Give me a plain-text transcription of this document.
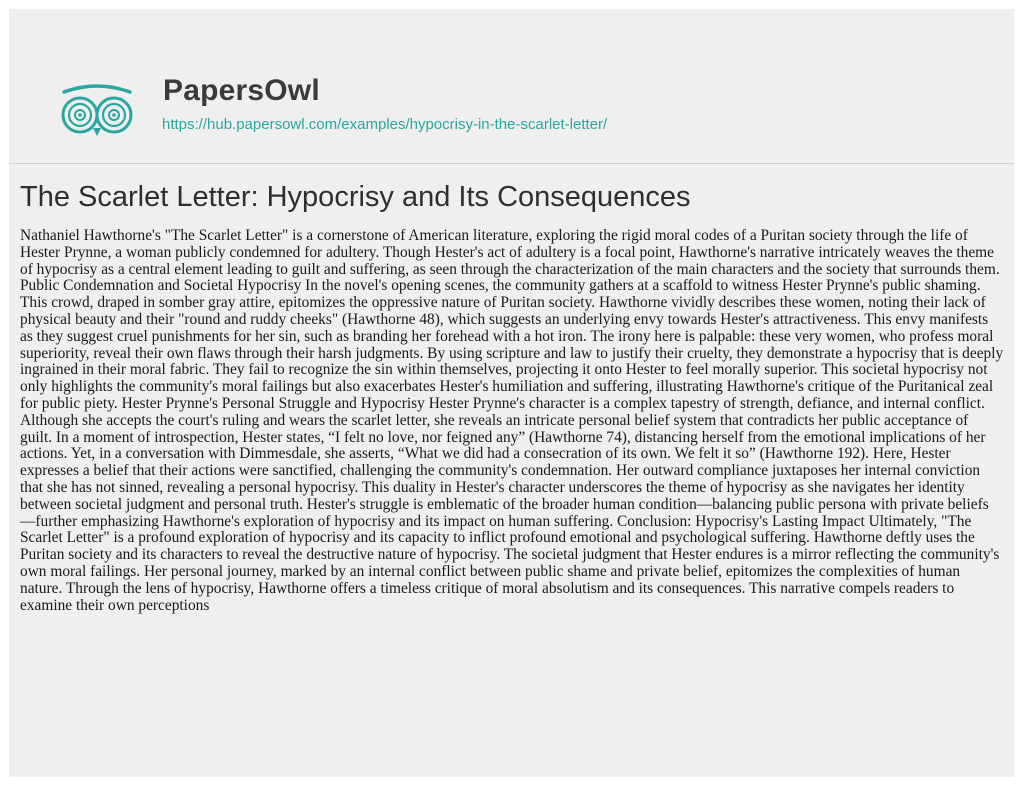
PapersOwl
https://hub.papersowl.com/examples/hypocrisy-in-the-scarlet-letter/
The Scarlet Letter: Hypocrisy and Its Consequences

Nathaniel Hawthorne's "The Scarlet Letter" is a cornerstone of American literature, exploring the rigid moral codes of a Puritan society through the life of Hester Prynne, a woman publicly condemned for adultery. Though Hester's act of adultery is a focal point, Hawthorne's narrative intricately weaves the theme of hypocrisy as a central element leading to guilt and suffering, as seen through the characterization of the main characters and the society that surrounds them. Public Condemnation and Societal Hypocrisy In the novel's opening scenes, the community gathers at a scaffold to witness Hester Prynne's public shaming. This crowd, draped in somber gray attire, epitomizes the oppressive nature of Puritan society. Hawthorne vividly describes these women, noting their lack of physical beauty and their "round and ruddy cheeks" (Hawthorne 48), which suggests an underlying envy towards Hester's attractiveness. This envy manifests as they suggest cruel punishments for her sin, such as branding her forehead with a hot iron. The irony here is palpable: these very women, who profess moral superiority, reveal their own flaws through their harsh judgments. By using scripture and law to justify their cruelty, they demonstrate a hypocrisy that is deeply ingrained in their moral fabric. They fail to recognize the sin within themselves, projecting it onto Hester to feel morally superior. This societal hypocrisy not only highlights the community's moral failings but also exacerbates Hester's humiliation and suffering, illustrating Hawthorne's critique of the Puritanical zeal for public piety. Hester Prynne's Personal Struggle and Hypocrisy Hester Prynne's character is a complex tapestry of strength, defiance, and internal conflict. Although she accepts the court's ruling and wears the scarlet letter, she reveals an intricate personal belief system that contradicts her public acceptance of guilt. In a moment of introspection, Hester states, “I felt no love, nor feigned any” (Hawthorne 74), distancing herself from the emotional implications of her actions. Yet, in a conversation with Dimmesdale, she asserts, “What we did had a consecration of its own. We felt it so” (Hawthorne 192). Here, Hester expresses a belief that their actions were sanctified, challenging the community's condemnation. Her outward compliance juxtaposes her internal conviction that she has not sinned, revealing a personal hypocrisy. This duality in Hester's character underscores the theme of hypocrisy as she navigates her identity between societal judgment and personal truth. Hester's struggle is emblematic of the broader human condition—balancing public persona with private beliefs—further emphasizing Hawthorne's exploration of hypocrisy and its impact on human suffering. Conclusion: Hypocrisy's Lasting Impact Ultimately, "The Scarlet Letter" is a profound exploration of hypocrisy and its capacity to inflict profound emotional and psychological suffering. Hawthorne deftly uses the Puritan society and its characters to reveal the destructive nature of hypocrisy. The societal judgment that Hester endures is a mirror reflecting the community's own moral failings. Her personal journey, marked by an internal conflict between public shame and private belief, epitomizes the complexities of human nature. Through the lens of hypocrisy, Hawthorne offers a timeless critique of moral absolutism and its consequences. This narrative compels readers to examine their own perceptions
